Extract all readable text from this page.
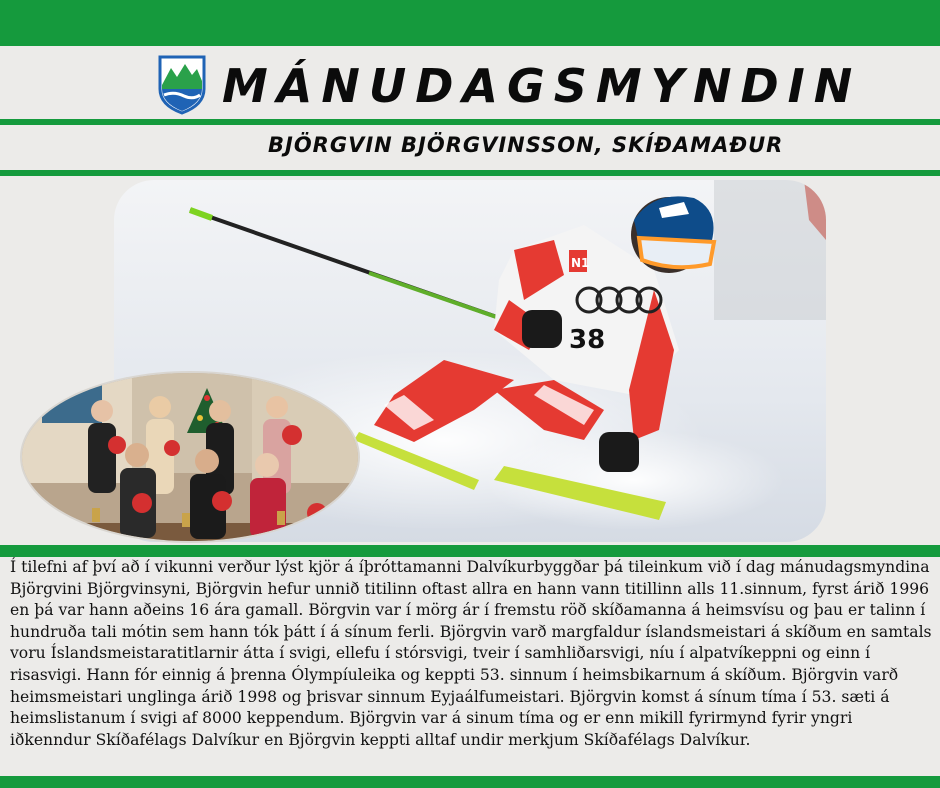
MÁNUDAGSMYNDIN
BJÖRGVIN BJÖRGVINSSON, SKÍÐAMAÐUR
38
N1
Í tilefni af því að í vikunni verður lýst kjör á íþróttamanni Dalvíkurbyggðar þá tileinkum við í dag mánudagsmyndina Björgvini Björgvinsyni, Björgvin hefur unnið titilinn oftast allra en hann vann titillinn alls 11.sinnum, fyrst árið 1996 en þá var hann aðeins 16 ára gamall. Börgvin var í mörg ár í fremstu röð skíðamanna á heimsvísu og þau er talinn í hundruða tali mótin sem hann tók þátt í á sínum ferli. Björgvin varð margfaldur íslandsmeistari á skíðum en samtals voru Íslandsmeistaratitlarnir átta í svigi, ellefu í stórsvigi, tveir í samhliðarsvigi, níu í alpatvíkeppni og einn í risasvigi. Hann fór einnig á þrenna Ólympíuleika og keppti 53. sinnum í heimsbikarnum á skíðum. Björgvin varð heimsmeistari unglinga árið 1998 og þrisvar sinnum Eyjaálfumeistari. Björgvin komst á sínum tíma í 53. sæti á heimslistanum í svigi af 8000 keppendum. Björgvin var á sinum tíma og er enn mikill fyrirmynd fyrir yngri iðkenndur Skíðafélags Dalvíkur en Björgvin keppti alltaf undir merkjum Skíðafélags Dalvíkur.
